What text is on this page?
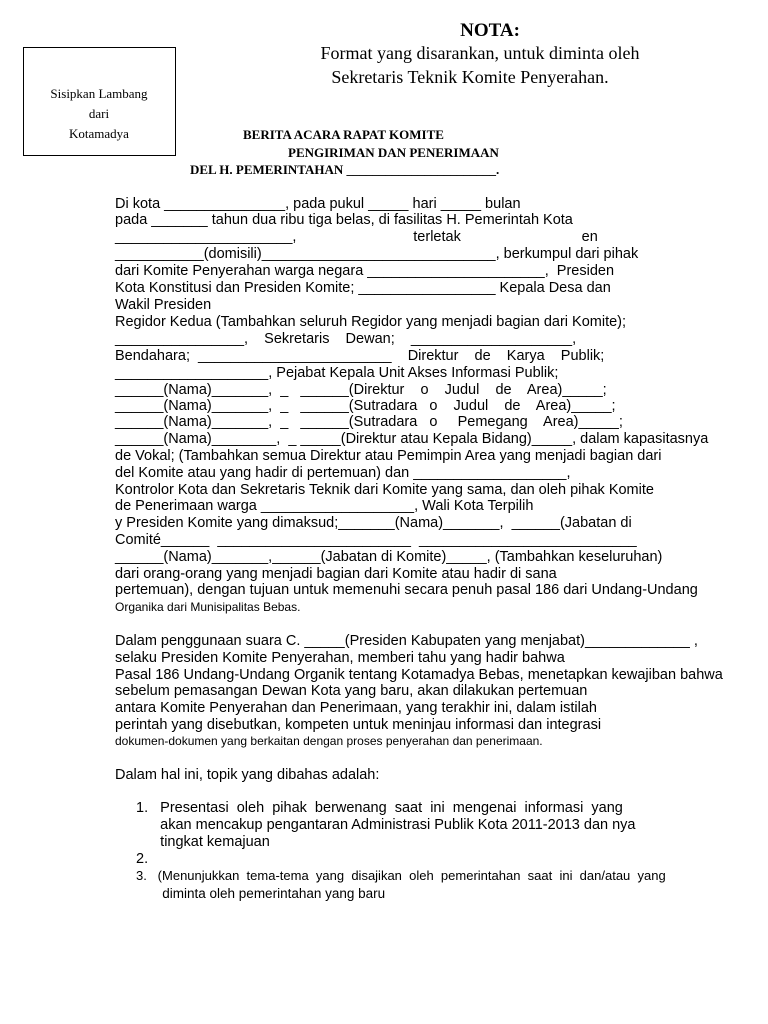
Sisipkan Lambang dari
Kotamadya
NOTA:
Format yang disarankan, untuk diminta oleh
Sekretaris Teknik Komite Penyerahan.
BERITA ACARA RAPAT KOMITE
PENGIRIMAN DAN PENERIMAAN
DEL H. PEMERINTAHAN _______________________.
Di kota _______________, pada pukul _____ hari _____ bulan
pada _______ tahun dua ribu tiga belas, di fasilitas H. Pemerintah Kota
______________________,                             terletak                              en
___________(domisili)_____________________________, berkumpul dari pihak
dari Komite Penyerahan warga negara ______________________,  Presiden
Kota Konstitusi dan Presiden Komite; _________________ Kepala Desa dan
Wakil Presiden
Regidor Kedua (Tambahkan seluruh Regidor yang menjadi bagian dari Komite);
________________,    Sekretaris    Dewan;    ____________________,
Bendahara;  ________________________    Direktur    de    Karya    Publik;
___________________, Pejabat Kepala Unit Akses Informasi Publik;
______(Nama)_______,  _   ______(Direktur    o    Judul    de    Area)_____;
______(Nama)_______,  _   ______(Sutradara   o    Judul    de    Area)_____;
______(Nama)_______,  _   ______(Sutradara   o     Pemegang    Area)_____;
______(Nama)________,  _ _____(Direktur atau Kepala Bidang)_____, dalam kapasitasnya
de Vokal; (Tambahkan semua Direktur atau Pemimpin Area yang menjadi bagian dari
del Komite atau yang hadir di pertemuan) dan ___________________,
Kontrolor Kota dan Sekretaris Teknik dari Komite yang sama, dan oleh pihak Komite
de Penerimaan warga ___________________, Wali Kota Terpilih
y Presiden Komite yang dimaksud;_______(Nama)_______,  ______(Jabatan di
Comité______  ________________________  ___________________________
______(Nama)_______,______(Jabatan di Komite)_____, (Tambahkan keseluruhan)
dari orang-orang yang menjadi bagian dari Komite atau hadir di sana
pertemuan), dengan tujuan untuk memenuhi secara penuh pasal 186 dari Undang-Undang
Organika dari Munisipalitas Bebas.
Dalam penggunaan suara C. _____(Presiden Kabupaten yang menjabat)_____________ ,
selaku Presiden Komite Penyerahan, memberi tahu yang hadir bahwa
Pasal 186 Undang-Undang Organik tentang Kotamadya Bebas, menetapkan kewajiban bahwa
sebelum pemasangan Dewan Kota yang baru, akan dilakukan pertemuan
antara Komite Penyerahan dan Penerimaan, yang terakhir ini, dalam istilah
perintah yang disebutkan, kompeten untuk meninjau informasi dan integrasi
dokumen-dokumen yang berkaitan dengan proses penyerahan dan penerimaan.
Dalam hal ini, topik yang dibahas adalah:
1.   Presentasi  oleh  pihak  berwenang  saat  ini  mengenai  informasi  yang
akan mencakup pengantaran Administrasi Publik Kota 2011-2013 dan nya
tingkat kemajuan
2.
3.   (Menunjukkan  tema-tema  yang  disajikan  oleh  pemerintahan  saat  ini  dan/atau  yang
diminta oleh pemerintahan yang baru
